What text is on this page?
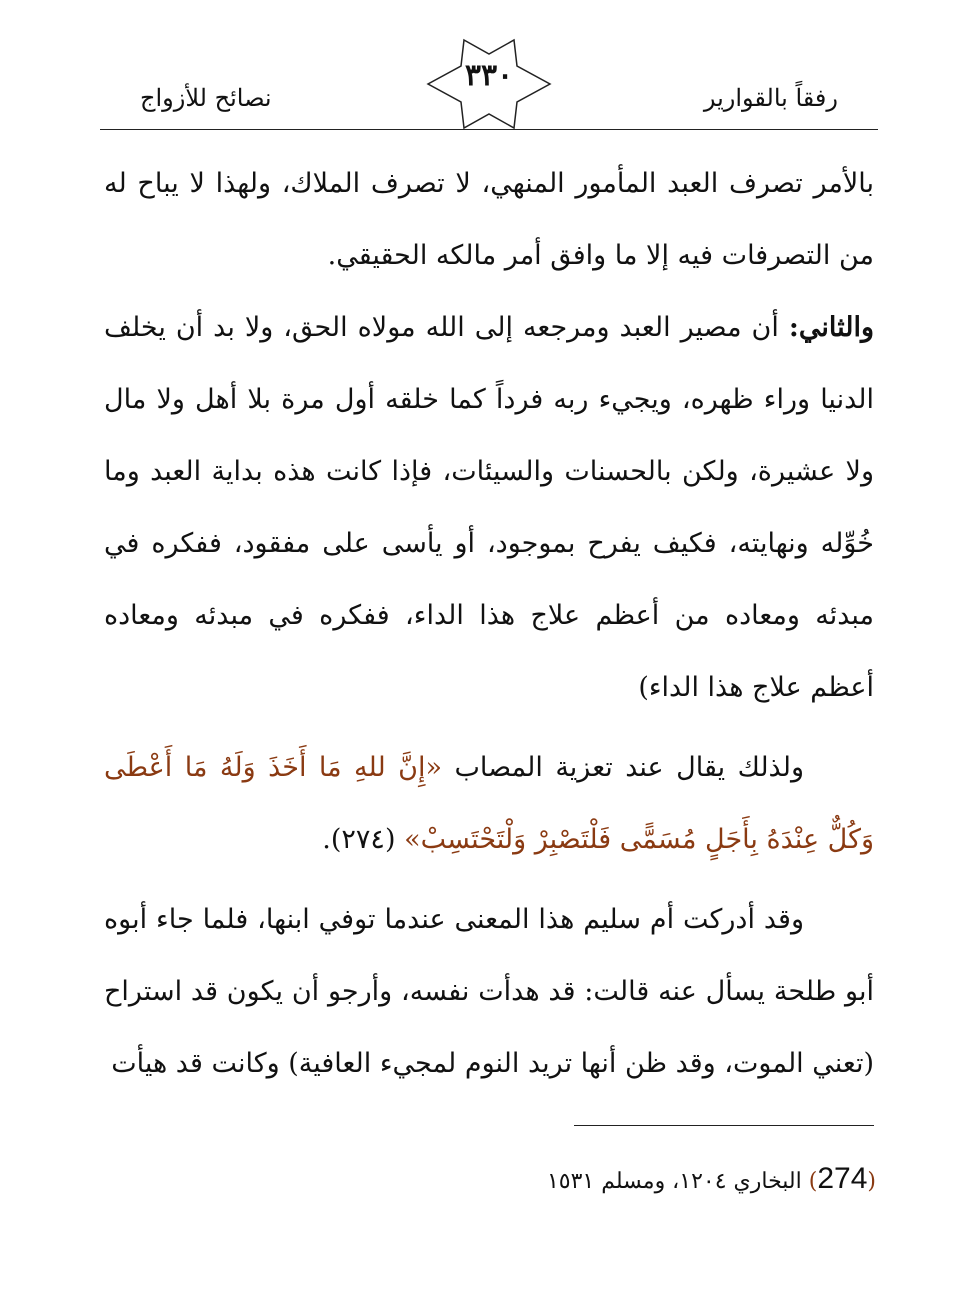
نصائح للأزواج
٣٣٠
رفقاً بالقوارير

بالأمر تصرف العبد المأمور المنهي، لا تصرف الملاك، ولهذا لا يباح له من التصرفات فيه إلا ما وافق أمر مالكه الحقيقي.

والثاني: أن مصير العبد ومرجعه إلى الله مولاه الحق، ولا بد أن يخلف الدنيا وراء ظهره، ويجيء ربه فرداً كما خلقه أول مرة بلا أهل ولا مال ولا عشيرة، ولكن بالحسنات والسيئات، فإذا كانت هذه بداية العبد وما خُوِّله ونهايته، فكيف يفرح بموجود، أو يأسى على مفقود، ففكره في مبدئه ومعاده من أعظم علاج هذا الداء، ففكره في مبدئه ومعاده أعظم علاج هذا الداء)

ولذلك يقال عند تعزية المصاب «إِنَّ للهِ مَا أَخَذَ وَلَهُ مَا أَعْطَى وَكُلٌّ عِنْدَهُ بِأَجَلٍ مُسَمًّى فَلْتَصْبِرْ وَلْتَحْتَسِبْ» (٢٧٤).

وقد أدركت أم سليم هذا المعنى عندما توفي ابنها، فلما جاء أبوه أبو طلحة يسأل عنه قالت: قد هدأت نفسه، وأرجو أن يكون قد استراح (تعني الموت، وقد ظن أنها تريد النوم لمجيء العافية) وكانت قد هيأت

(274) البخاري ١٢٠٤، ومسلم ١٥٣١
